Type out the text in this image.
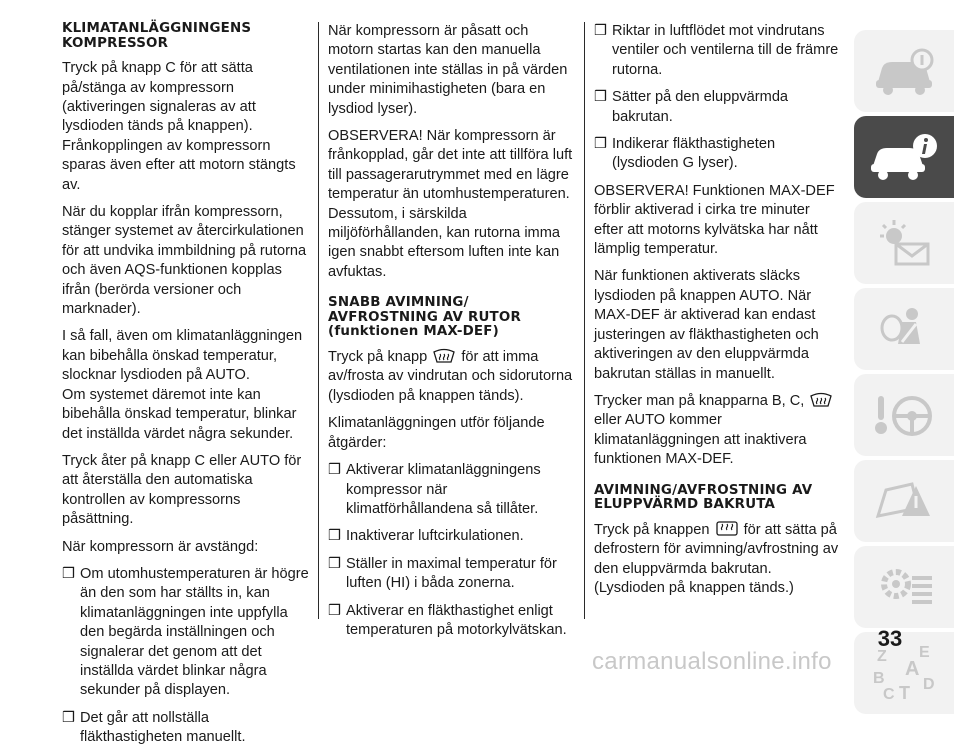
KLIMATANLÄGGNINGENS KOMPRESSOR

Tryck på knapp C för att sätta på/stänga av kompressorn (aktiveringen signaleras av att lysdioden tänds på knappen). Frånkopplingen av kompressorn sparas även efter att motorn stängts av.

När du kopplar ifrån kompressorn, stänger systemet av återcirkulationen för att undvika immbildning på rutorna och även AQS-funktionen kopplas ifrån (berörda versioner och marknader).

I så fall, även om klimatanläggningen kan bibehålla önskad temperatur, slocknar lysdioden på AUTO.

Om systemet däremot inte kan bibehålla önskad temperatur, blinkar det inställda värdet några sekunder.

Tryck åter på knapp C eller AUTO för att återställa den automatiska kontrollen av kompressorns påsättning.

När kompressorn är avstängd:

❒ Om utomhustemperaturen är högre än den som har ställts in, kan klimatanläggningen inte uppfylla den begärda inställningen och signalerar det genom att det inställda värdet blinkar några sekunder på displayen.
❒ Det går att nollställa fläkthastigheten manuellt.

När kompressorn är påsatt och motorn startas kan den manuella ventilationen inte ställas in på värden under minimihastigheten (bara en lysdiod lyser).

OBSERVERA! När kompressorn är frånkopplad, går det inte att tillföra luft till passagerarutrymmet med en lägre temperatur än utomhustemperaturen. Dessutom, i särskilda miljöförhållanden, kan rutorna imma igen snabbt eftersom luften inte kan avfuktas.

SNABB AVIMNING/ AVFROSTNING AV RUTOR (funktionen MAX-DEF)

Tryck på knapp för att imma av/frosta av vindrutan och sidorutorna (lysdioden på knappen tänds).

Klimatanläggningen utför följande åtgärder:

❒ Aktiverar klimatanläggningens kompressor när klimatförhållandena så tillåter.
❒ Inaktiverar luftcirkulationen.
❒ Ställer in maximal temperatur för luften (HI) i båda zonerna.
❒ Aktiverar en fläkthastighet enligt temperaturen på motorkylvätskan.
❒ Riktar in luftflödet mot vindrutans ventiler och ventilerna till de främre rutorna.
❒ Sätter på den eluppvärmda bakrutan.
❒ Indikerar fläkthastigheten (lysdioden G lyser).

OBSERVERA! Funktionen MAX-DEF förblir aktiverad i cirka tre minuter efter att motorns kylvätska har nått lämplig temperatur.

När funktionen aktiverats släcks lysdioden på knappen AUTO. När MAX-DEF är aktiverad kan endast justeringen av fläkthastigheten och aktiveringen av den eluppvärmda bakrutan ställas in manuellt.

Trycker man på knapparna B, C,
eller AUTO kommer klimatanläggningen att inaktivera funktionen MAX-DEF.

AVIMNING/AVFROSTNING AV ELUPPVÄRMD BAKRUTA

Tryck på knappen för att sätta på defrostern för avimning/avfrostning av den eluppvärmda bakrutan. (Lysdioden på knappen tänds.)

Z E
A
B
C T D
33
carmanualsonline.info
